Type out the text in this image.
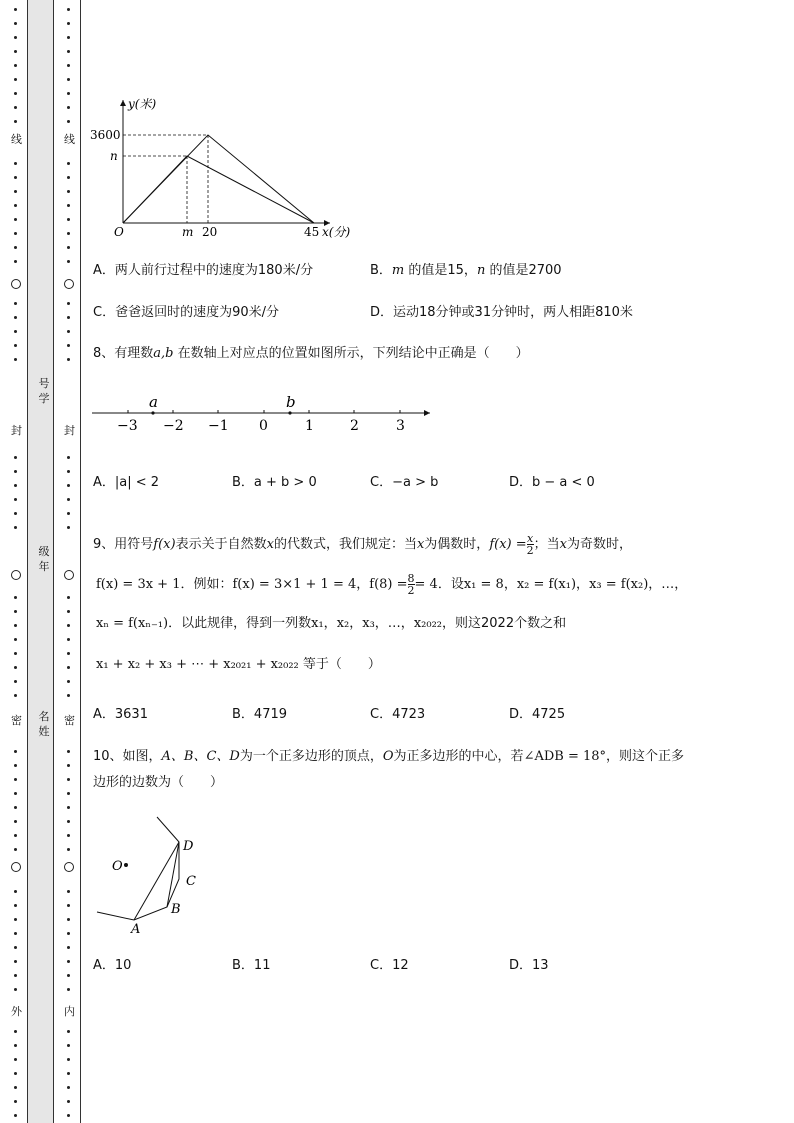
线
封
密
外
线
封
密
内
号学
级年
名姓
y(米)
3600
n
O	m 20	45 x(分)
A．两人前行过程中的速度为180米/分	B．m 的值是15，n 的值是2700
C．爸爸返回时的速度为90米/分	D．运动18分钟或31分钟时，两人相距810米
8、有理数a,b 在数轴上对应点的位置如图所示，下列结论中正确是（　　）
a	b
−3 −2 −1 0	1	2	3
A．|a| < 2	B．a + b > 0	C．−a > b	D．b − a < 0
9、用符号f(x)表示关于自然数x的代数式，我们规定：当x为偶数时，$f(x) = \frac{x}{2}$ ；当x为奇数时，
f(x) = 3x + 1．例如：f(x) = 3×1 + 1 = 4，$f(8) = \frac{8}{2} = 4$．设x₁ = 8，x₂ = f(x₁)，x₃ = f(x₂)，…，
xₙ = f(xₙ₋₁)．以此规律，得到一列数x₁，x₂，x₃，…，x₂₀₂₂，则这2022个数之和
x₁ + x₂ + x₃ + ⋯ + x₂₀₂₁ + x₂₀₂₂ 等于（　　）
A．3631	B．4719	C．4723	D．4725
10、如图，A、B、C、D为一个正多边形的顶点，O为正多边形的中心，若∠ADB = 18°，则这个正多
边形的边数为（　　）
O
A
B
C
D
A．10	B．11	C．12	D．13
